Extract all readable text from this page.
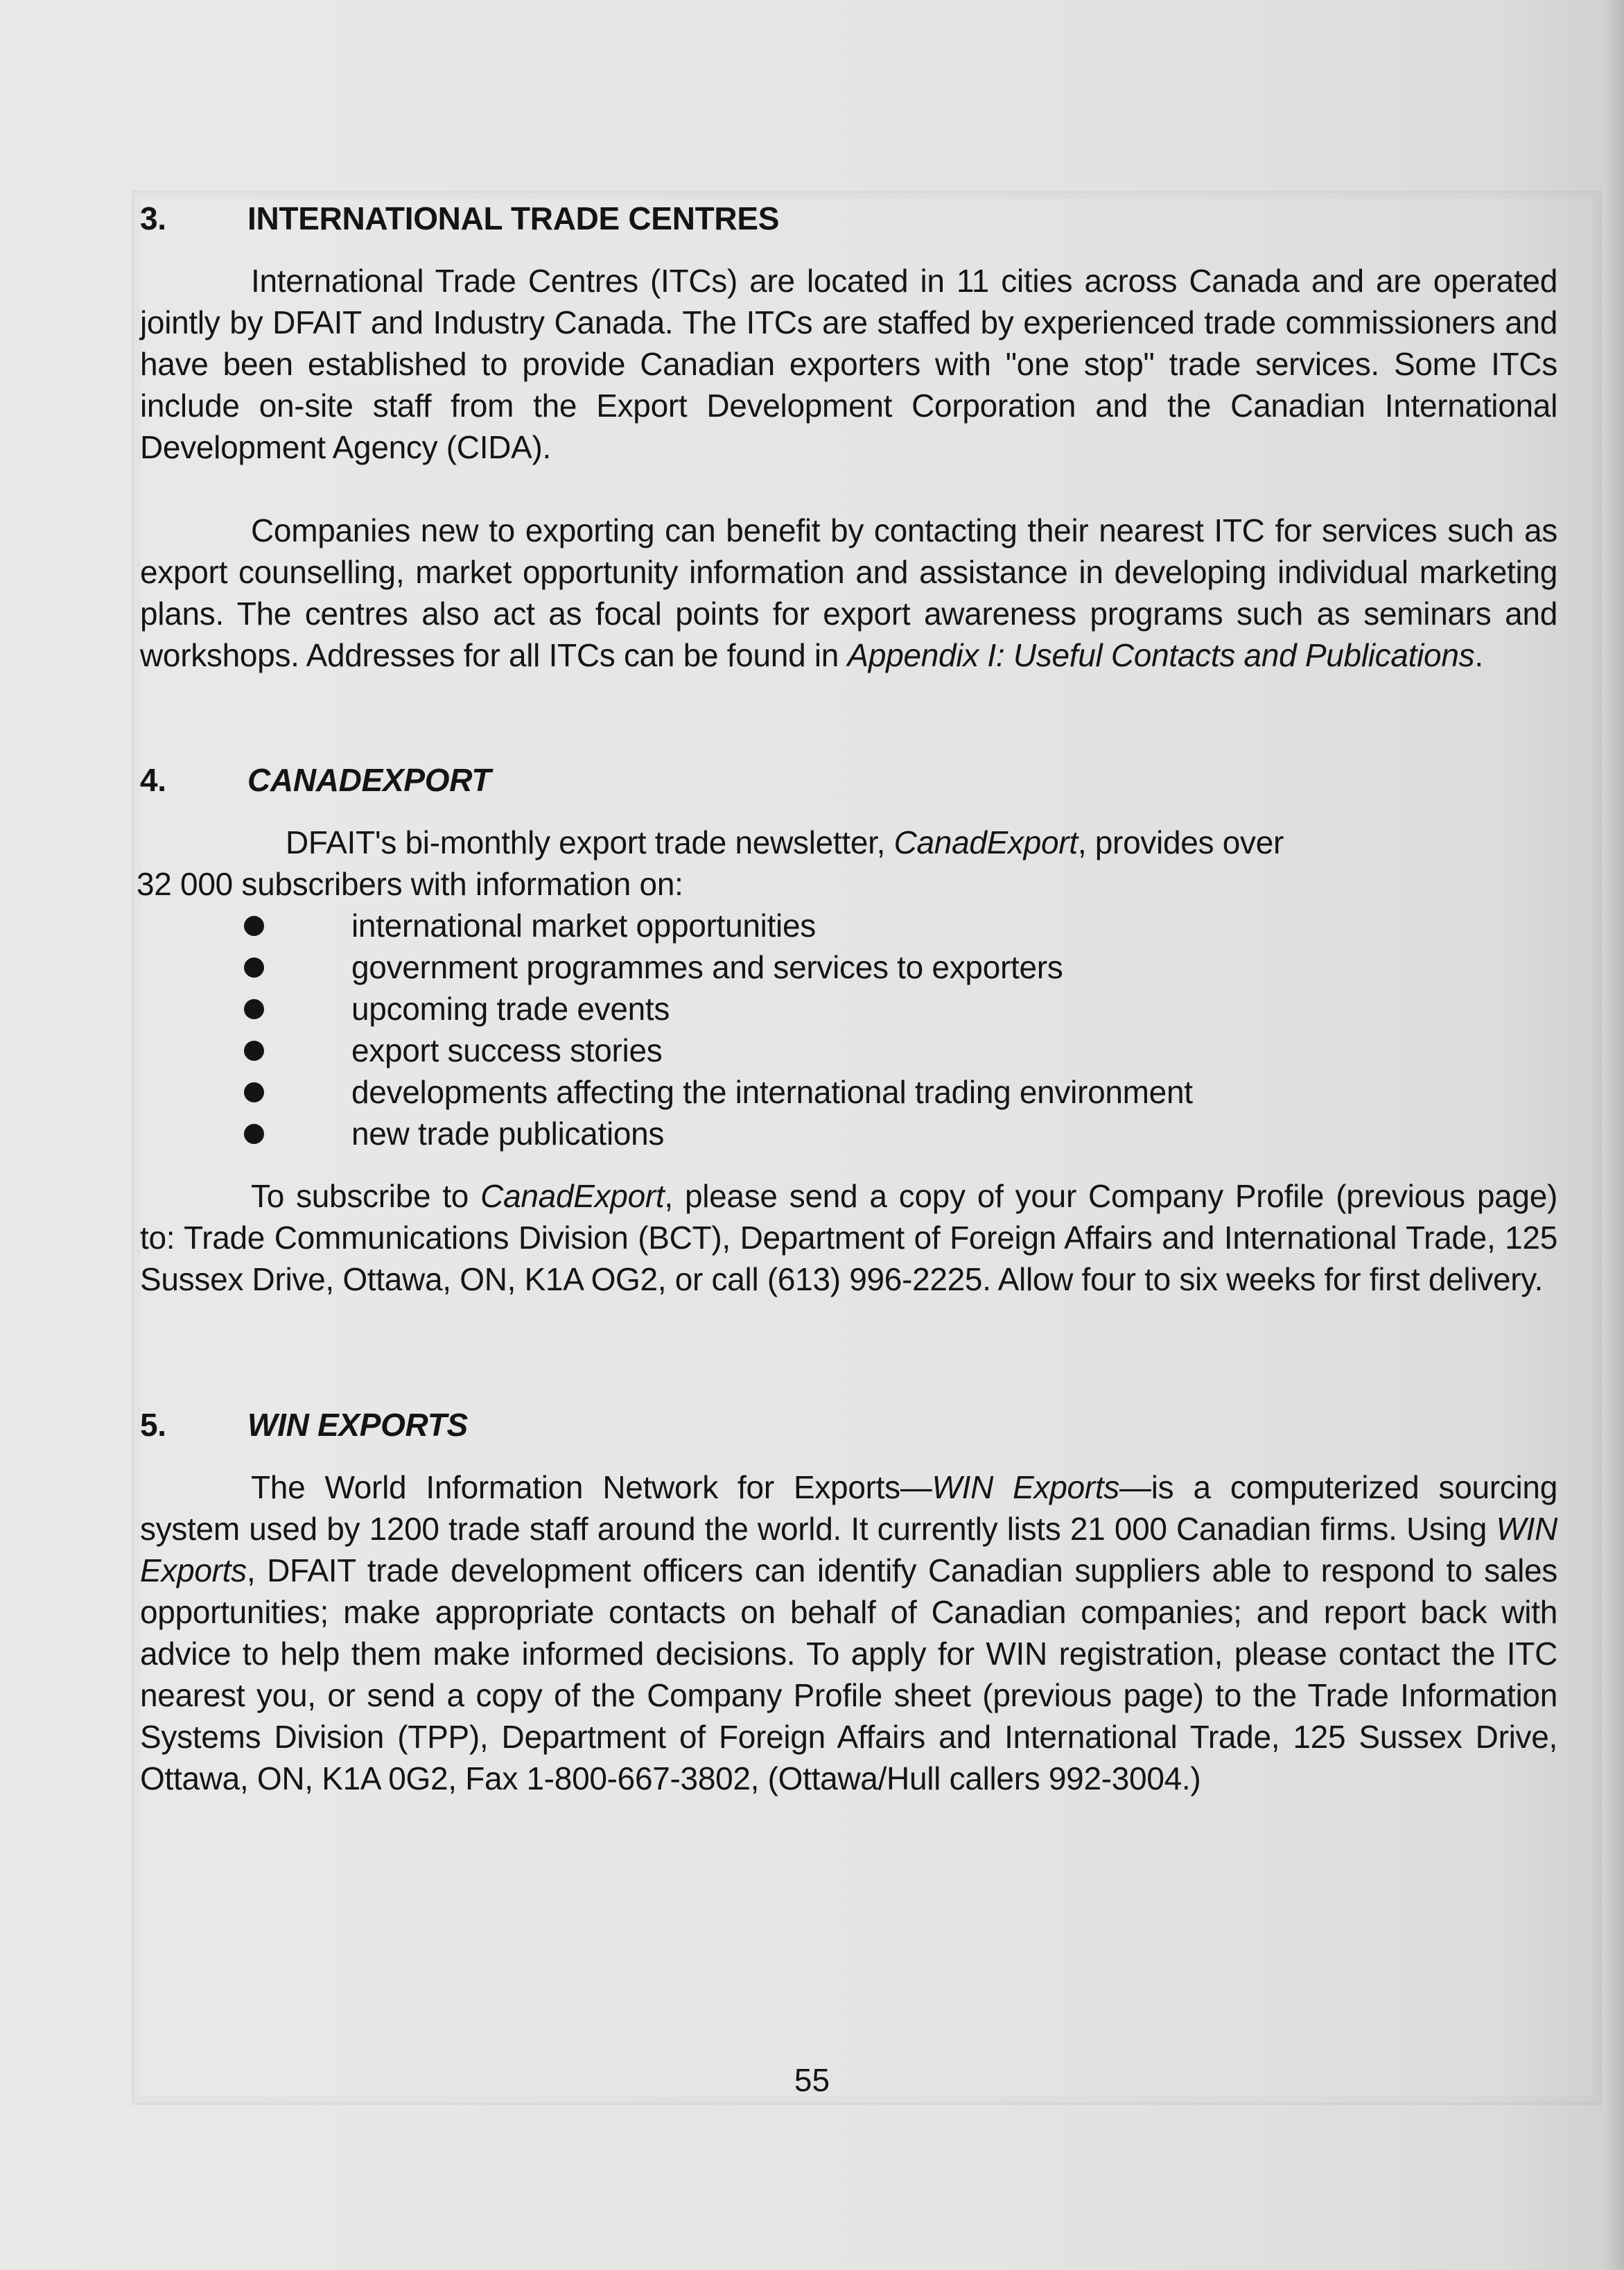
3.	INTERNATIONAL TRADE CENTRES

International Trade Centres (ITCs) are located in 11 cities across Canada and are operated jointly by DFAIT and Industry Canada. The ITCs are staffed by experienced trade commissioners and have been established to provide Canadian exporters with "one stop" trade services. Some ITCs include on-site staff from the Export Development Corporation and the Canadian International Development Agency (CIDA).

Companies new to exporting can benefit by contacting their nearest ITC for services such as export counselling, market opportunity information and assistance in developing individual marketing plans. The centres also act as focal points for export awareness programs such as seminars and workshops. Addresses for all ITCs can be found in Appendix I: Useful Contacts and Publications.

4.	CANADEXPORT

DFAIT's bi-monthly export trade newsletter, CanadExport, provides over

32 000 subscribers with information on:

international market opportunities
government programmes and services to exporters
upcoming trade events
export success stories
developments affecting the international trading environment
new trade publications

To subscribe to CanadExport, please send a copy of your Company Profile (previous page) to: Trade Communications Division (BCT), Department of Foreign Affairs and International Trade, 125 Sussex Drive, Ottawa, ON, K1A OG2, or call (613) 996-2225. Allow four to six weeks for first delivery.

5.	WIN EXPORTS

The World Information Network for Exports—WIN Exports—is a computerized sourcing system used by 1200 trade staff around the world. It currently lists 21 000 Canadian firms. Using WIN Exports, DFAIT trade development officers can identify Canadian suppliers able to respond to sales opportunities; make appropriate contacts on behalf of Canadian companies; and report back with advice to help them make informed decisions. To apply for WIN registration, please contact the ITC nearest you, or send a copy of the Company Profile sheet (previous page) to the Trade Information Systems Division (TPP), Department of Foreign Affairs and International Trade, 125 Sussex Drive, Ottawa, ON, K1A 0G2, Fax 1-800-667-3802, (Ottawa/Hull callers 992-3004.)

55
